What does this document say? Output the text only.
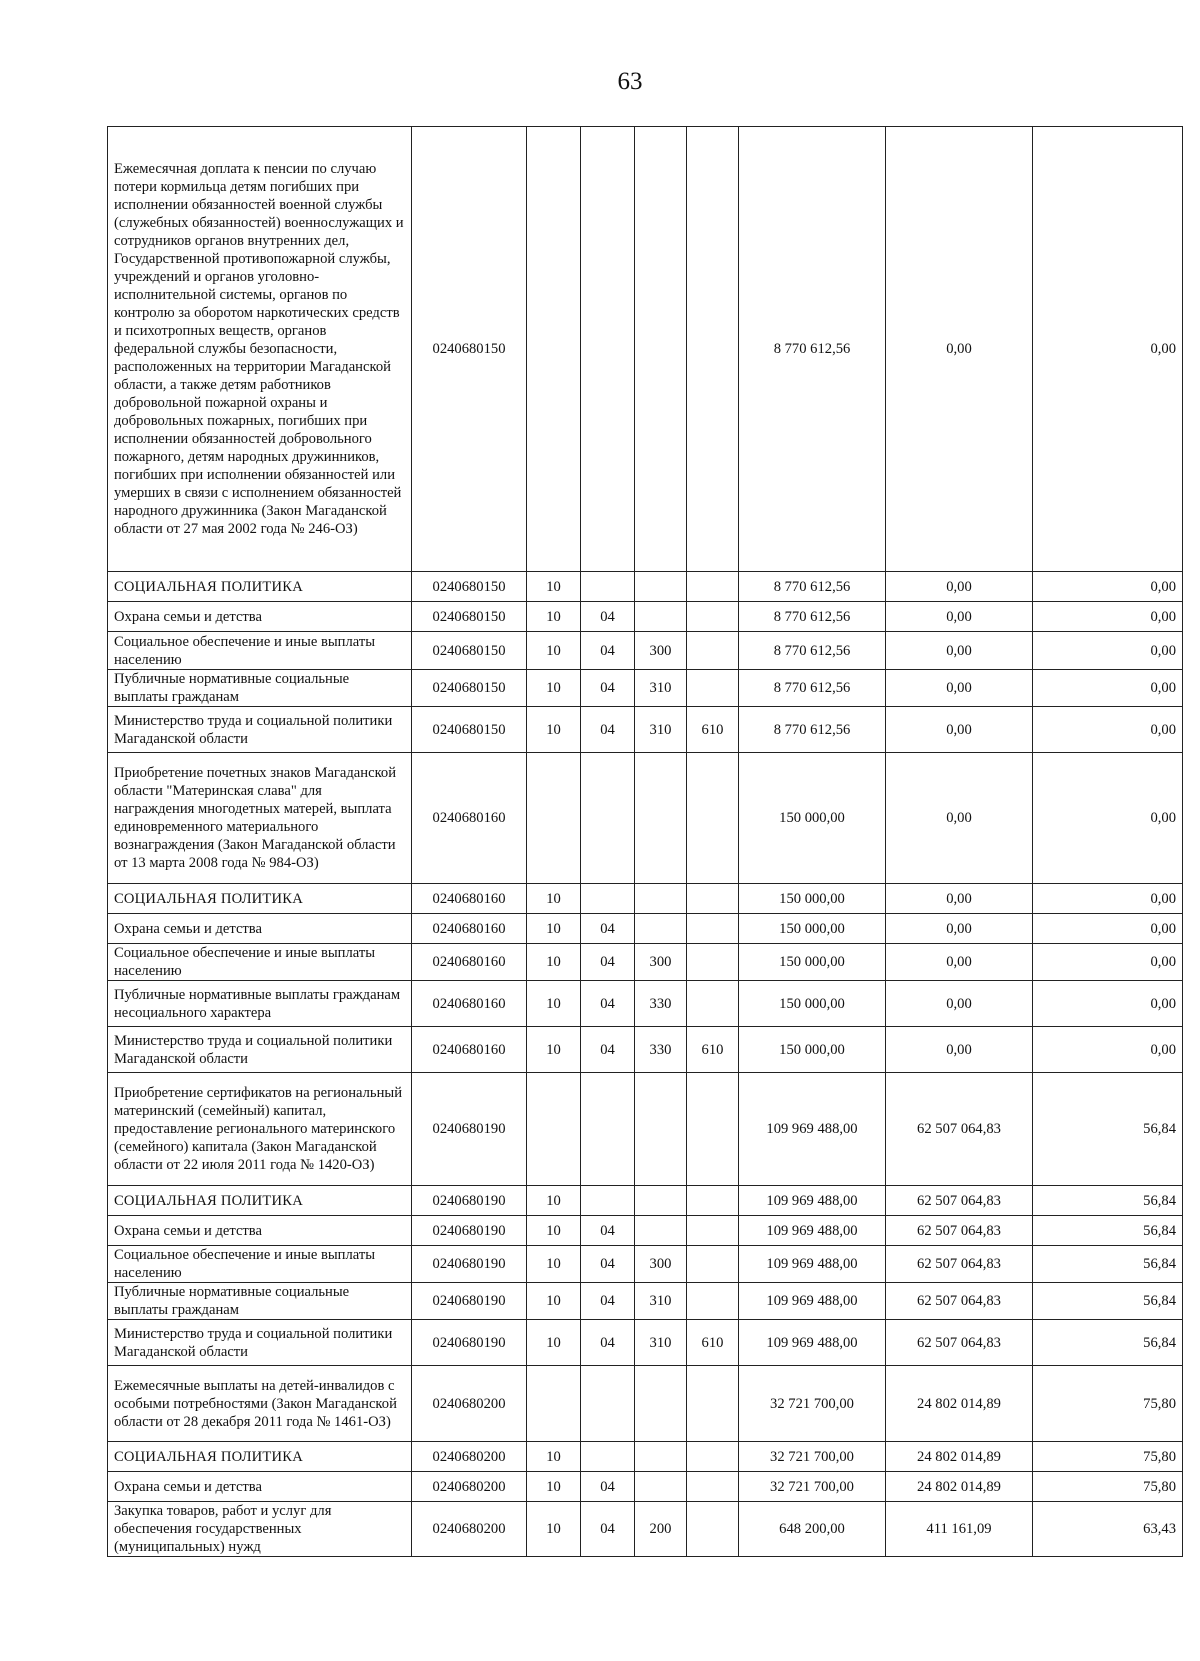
63
Ежемесячная доплата к пенсии по случаю потери кормильца детям погибших при исполнении обязанностей военной службы (служебных обязанностей) военнослужащих и сотрудников органов внутренних дел, Государственной противопожарной службы, учреждений и органов уголовно-исполнительной системы, органов по контролю за оборотом наркотических средств и психотропных веществ, органов федеральной службы безопасности, расположенных на территории Магаданской области, а также детям работников добровольной пожарной охраны и добровольных пожарных, погибших при исполнении обязанностей добровольного пожарного, детям народных дружинников, погибших при исполнении обязанностей или умерших в связи с исполнением обязанностей народного дружинника (Закон Магаданской области от 27 мая 2002 года № 246-ОЗ)	0240680150					8 770 612,56	0,00	0,00
СОЦИАЛЬНАЯ ПОЛИТИКА	0240680150	10				8 770 612,56	0,00	0,00
Охрана семьи и детства	0240680150	10	04			8 770 612,56	0,00	0,00
Социальное обеспечение и иные выплаты населению	0240680150	10	04	300		8 770 612,56	0,00	0,00
Публичные нормативные социальные выплаты гражданам	0240680150	10	04	310		8 770 612,56	0,00	0,00
Министерство труда и социальной политики Магаданской области	0240680150	10	04	310	610	8 770 612,56	0,00	0,00
Приобретение почетных знаков Магаданской области "Материнская слава" для награждения многодетных матерей, выплата единовременного материального вознаграждения (Закон Магаданской области от 13 марта 2008 года № 984-ОЗ)	0240680160					150 000,00	0,00	0,00
СОЦИАЛЬНАЯ ПОЛИТИКА	0240680160	10				150 000,00	0,00	0,00
Охрана семьи и детства	0240680160	10	04			150 000,00	0,00	0,00
Социальное обеспечение и иные выплаты населению	0240680160	10	04	300		150 000,00	0,00	0,00
Публичные нормативные выплаты гражданам несоциального характера	0240680160	10	04	330		150 000,00	0,00	0,00
Министерство труда и социальной политики Магаданской области	0240680160	10	04	330	610	150 000,00	0,00	0,00
Приобретение сертификатов на региональный материнский (семейный) капитал, предоставление регионального материнского (семейного) капитала (Закон Магаданской области от 22 июля 2011 года № 1420-ОЗ)	0240680190					109 969 488,00	62 507 064,83	56,84
СОЦИАЛЬНАЯ ПОЛИТИКА	0240680190	10				109 969 488,00	62 507 064,83	56,84
Охрана семьи и детства	0240680190	10	04			109 969 488,00	62 507 064,83	56,84
Социальное обеспечение и иные выплаты населению	0240680190	10	04	300		109 969 488,00	62 507 064,83	56,84
Публичные нормативные социальные выплаты гражданам	0240680190	10	04	310		109 969 488,00	62 507 064,83	56,84
Министерство труда и социальной политики Магаданской области	0240680190	10	04	310	610	109 969 488,00	62 507 064,83	56,84
Ежемесячные выплаты на детей-инвалидов с особыми потребностями (Закон Магаданской области от 28 декабря 2011 года № 1461-ОЗ)	0240680200					32 721 700,00	24 802 014,89	75,80
СОЦИАЛЬНАЯ ПОЛИТИКА	0240680200	10				32 721 700,00	24 802 014,89	75,80
Охрана семьи и детства	0240680200	10	04			32 721 700,00	24 802 014,89	75,80
Закупка товаров, работ и услуг для обеспечения государственных (муниципальных) нужд	0240680200	10	04	200		648 200,00	411 161,09	63,43
